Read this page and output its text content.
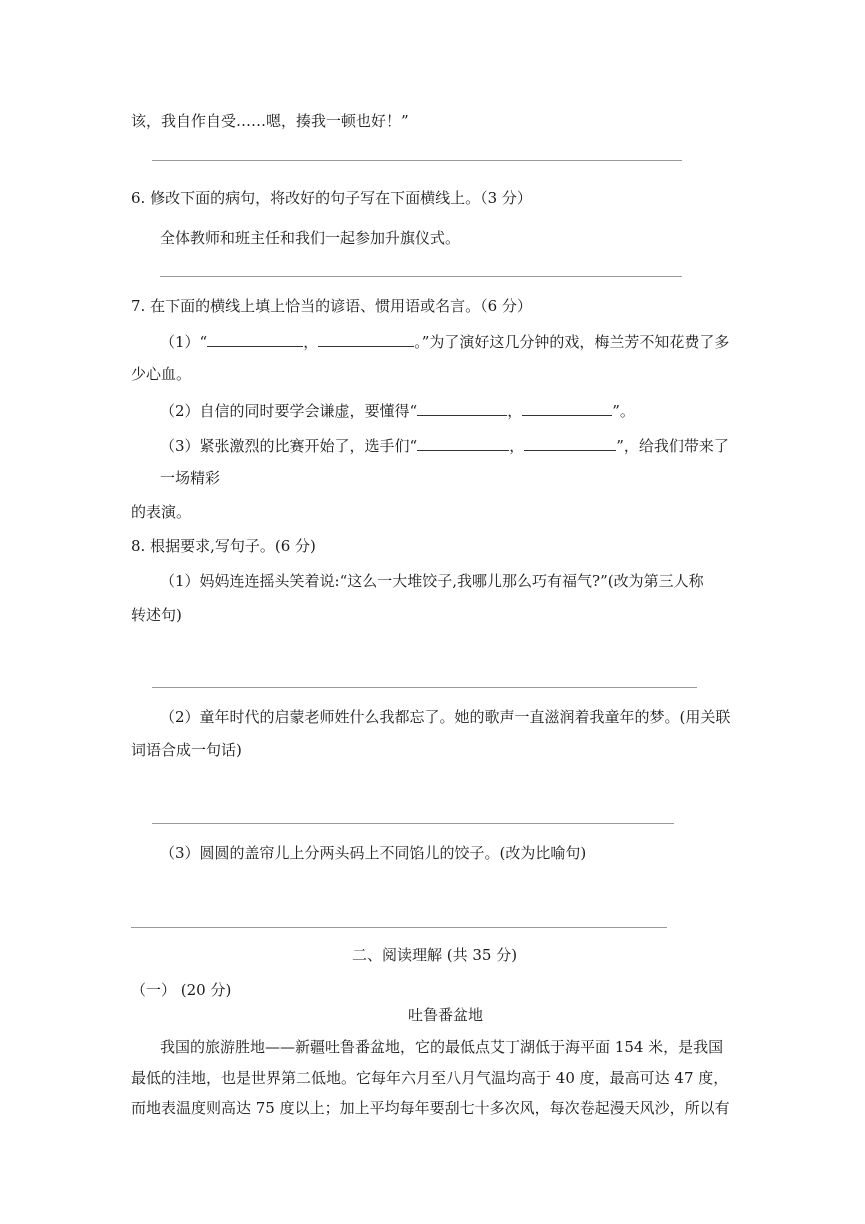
该，我自作自受……嗯，揍我一顿也好！”
6. 修改下面的病句，将改好的句子写在下面横线上。（3 分）
全体教师和班主任和我们一起参加升旗仪式。
7. 在下面的横线上填上恰当的谚语、惯用语或名言。（6 分）
（1）“	，	。”为了演好这几分钟的戏，梅兰芳不知花费了多
少心血。
（2）自信的同时要学会谦虚，要懂得“	，	”。
（3）紧张激烈的比赛开始了，选手们“	，	”，给我们带来了
一场精彩
的表演。
8. 根据要求,写句子。(6 分)
（1）妈妈连连摇头笑着说:“这么一大堆饺子,我哪儿那么巧有福气?”(改为第三人称
转述句)
（2）童年时代的启蒙老师姓什么我都忘了。她的歌声一直滋润着我童年的梦。(用关联
词语合成一句话)
（3）圆圆的盖帘儿上分两头码上不同馅儿的饺子。(改为比喻句)
二、阅读理解 (共 35 分)
（一） (20 分)
吐鲁番盆地
我国的旅游胜地——新疆吐鲁番盆地，它的最低点艾丁湖低于海平面 154 米，是我国
最低的洼地，也是世界第二低地。它每年六月至八月气温均高于 40 度，最高可达 47 度，
而地表温度则高达 75 度以上；加上平均每年要刮七十多次风，每次卷起漫天风沙，所以有
